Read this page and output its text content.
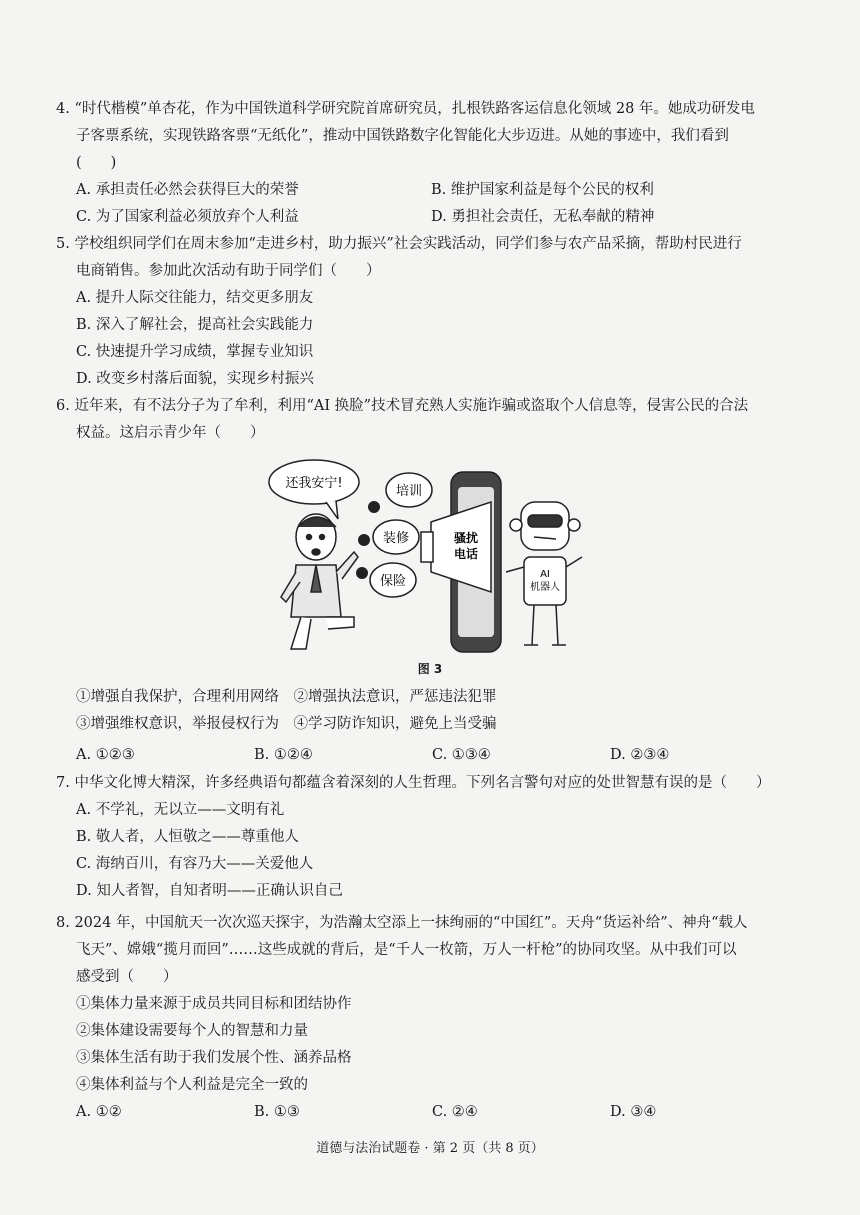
4. “时代楷模”单杏花，作为中国铁道科学研究院首席研究员，扎根铁路客运信息化领域 28 年。她成功研发电
子客票系统，实现铁路客票“无纸化”，推动中国铁路数字化智能化大步迈进。从她的事迹中，我们看到
(　　)
A. 承担责任必然会获得巨大的荣誉	B. 维护国家利益是每个公民的权利
C. 为了国家利益必须放弃个人利益	D. 勇担社会责任，无私奉献的精神
5. 学校组织同学们在周末参加“走进乡村，助力振兴”社会实践活动，同学们参与农产品采摘，帮助村民进行
电商销售。参加此次活动有助于同学们（　　）
A. 提升人际交往能力，结交更多朋友
B. 深入了解社会，提高社会实践能力
C. 快速提升学习成绩，掌握专业知识
D. 改变乡村落后面貌，实现乡村振兴
6. 近年来，有不法分子为了牟利，利用“AI 换脸”技术冒充熟人实施诈骗或盗取个人信息等，侵害公民的合法
权益。这启示青少年（　　）
还我安宁!
培训
装修
保险
骚扰
电话
AI
机器人
图 3
①增强自我保护，合理利用网络　②增强执法意识，严惩违法犯罪
③增强维权意识，举报侵权行为　④学习防诈知识，避免上当受骗
A. ①②③	B. ①②④	C. ①③④	D. ②③④
7. 中华文化博大精深，许多经典语句都蕴含着深刻的人生哲理。下列名言警句对应的处世智慧有误的是（　　）
A. 不学礼，无以立——文明有礼
B. 敬人者，人恒敬之——尊重他人
C. 海纳百川，有容乃大——关爱他人
D. 知人者智，自知者明——正确认识自己
8. 2024 年，中国航天一次次巡天探宇，为浩瀚太空添上一抹绚丽的“中国红”。天舟“货运补给”、神舟“载人
飞天”、嫦娥“揽月而回”……这些成就的背后，是“千人一枚箭，万人一杆枪”的协同攻坚。从中我们可以
感受到（　　）
①集体力量来源于成员共同目标和团结协作
②集体建设需要每个人的智慧和力量
③集体生活有助于我们发展个性、涵养品格
④集体利益与个人利益是完全一致的
A. ①②	B. ①③	C. ②④	D. ③④
道德与法治试题卷 · 第 2 页（共 8 页）
